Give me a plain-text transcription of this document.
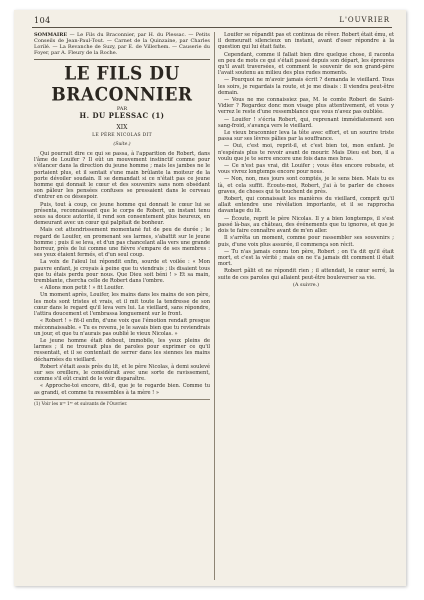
104	L'OUVRIER
SOMMAIRE — Le Fils du Braconnier, par H. du Plessac. — Petits Conseils de Jean-Paul-Tout. — Carnet de la Quinzaine, par Charles Lorilé. — La Revanche de Suzy, par E. de Villerhem. — Causerie du Foyer, par A. Fleury de la Roche.
LE FILS DU BRACONNIER
PAR
H. DU PLESSAC (1)
XIX
LE PÈRE NICOLAS DIT
(Suite.)

Qui pourrait dire ce qui se passa, à l'apparition de Robert, dans l'âme de Louifer ? Il eût un mouvement instinctif comme pour s'élancer dans la direction du jeune homme ; mais les jambes ne le portaient plus, et il sentait s'une main brûlante la moiteur de la porte dévoiler soudain. Il se demandait si ce n'était pas ce jeune homme qui donnait le cœur et des souvenirs sans nom obsédant son pâleur les pensées confuses se pressaient dans le cerveau d'entrer en ce désespoir.

Puis, tout à coup, ce jeune homme qui donnait le cœur lui se présenta, reconnaissant que le corps de Robert, un instant tenu sous sa douce autorité, il rend son consentement plus heureux, en demeurant avec un cœur qui palpitait de bonheur.

Mais cet attendrissement momentané fut de peu de durée ; le regard de Louifer, en promenant ses larmes, s'abattit sur le jeune homme ; puis il se leva, et d'un pas chancelant alla vers une grande horreur, près de lui comme une fièvre s'empare de ses membres : ses yeux étaient fermés, et d'un seul coup.

La voix de l'aïeul lui répondit enfin, sourde et voilée : « Mon pauvre enfant, je croyais à peine que tu viendrais ; ils disaient tous que tu étais perdu pour nous. Que Dieu soit béni ! » Et sa main, tremblante, chercha celle de Robert dans l'ombre.

« Allons mon petit ! » fit Louifer.

Un moment après, Louifer, les mains dans les mains de son père, les mots sont tristes et vrais, et il mit toute la tendresse de son cœur dans le regard qu'il leva vers lui. Le vieillard, sans répondre, l'attira doucement et l'embrassa longuement sur le front.

« Robert ! » fit-il enfin, d'une voix que l'émotion rendait presque méconnaissable. « Tu es revenu, je le savais bien que tu reviendrais un jour, et que tu n'aurais pas oublié le vieux Nicolas. »

Le jeune homme était debout, immobile, les yeux pleins de larmes ; il ne trouvait plus de paroles pour exprimer ce qu'il ressentait, et il se contentait de serrer dans les siennes les mains décharnées du vieillard.

Robert s'était assis près du lit, et le père Nicolas, à demi soulevé sur ses oreillers, le considérait avec une sorte de ravissement, comme s'il eût craint de le voir disparaître.

« Approche-toi encore, dit-il, que je te regarde bien. Comme tu as grandi, et comme tu ressembles à ta mère ! »

(1) Voir les nᵒˢ 1ᵉʳ et suivants de l'Ouvrier.

Louifer se répandit pas et continua de rêver. Robert était ému, et il demeurait silencieux un instant, avant d'oser répondre à la question qui lui était faite.

Cependant, comme il fallait bien dire quelque chose, il raconta en peu de mots ce qui s'était passé depuis son départ, les épreuves qu'il avait traversées, et comment le souvenir de son grand-père l'avait soutenu au milieu des plus rudes moments.

— Pourquoi ne m'avoir jamais écrit ? demanda le vieillard. Tous les soirs, je regardais la route, et je me disais : Il viendra peut-être demain.

— Vous ne me connaissiez pas, M. le comte Robert de Saint-Vidier ? Regardez donc mon visage plus attentivement, et vous y verrez le reste d'une ressemblance que vous n'avez pas oubliée.

— Louifer ! s'écria Robert, qui, reprenant immédiatement son sang-froid, s'avança vers le vieillard.

Le vieux braconnier leva la tête avec effort, et un sourire triste passa sur ses lèvres pâlies par la souffrance.

— Oui, c'est moi, reprit-il, et c'est bien toi, mon enfant. Je n'espérais plus te revoir avant de mourir. Mais Dieu est bon, il a voulu que je te serre encore une fois dans mes bras.

— Ce n'est pas vrai, dit Louifer ; vous êtes encore robuste, et vous vivrez longtemps encore pour nous.

— Non, non, mes jours sont comptés, je le sens bien. Mais tu es là, et cela suffit. Écoute-moi, Robert, j'ai à te parler de choses graves, de choses qui te touchent de près.

Robert, qui connaissait les manières du vieillard, comprit qu'il allait entendre une révélation importante, et il se rapprocha davantage du lit.

— Écoute, reprit le père Nicolas. Il y a bien longtemps, il s'est passé là-bas, au château, des événements que tu ignores, et que je dois te faire connaître avant de m'en aller.

Il s'arrêta un moment, comme pour rassembler ses souvenirs ; puis, d'une voix plus assurée, il commença son récit.

— Tu n'as jamais connu ton père, Robert ; on t'a dit qu'il était mort, et c'est la vérité ; mais on ne t'a jamais dit comment il était mort.

Robert pâlit et ne répondit rien ; il attendait, le cœur serré, la suite de ces paroles qui allaient peut-être bouleverser sa vie.

(A suivre.)
